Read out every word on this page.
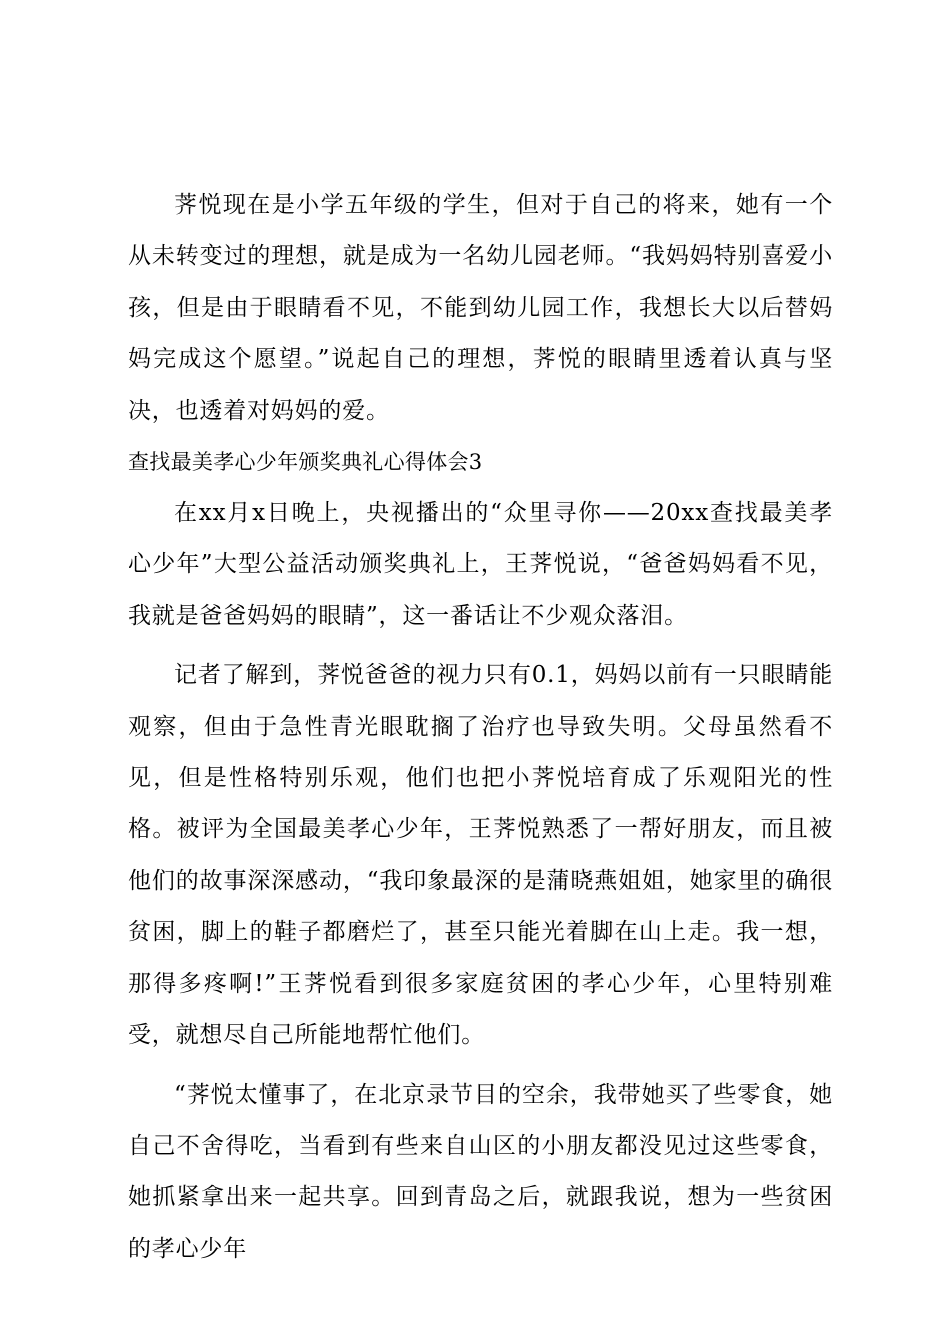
荠悦现在是小学五年级的学生，但对于自己的将来，她有一个从未转变过的理想，就是成为一名幼儿园老师。“我妈妈特别喜爱小孩，但是由于眼睛看不见，不能到幼儿园工作，我想长大以后替妈妈完成这个愿望。”说起自己的理想，荠悦的眼睛里透着认真与坚决，也透着对妈妈的爱。

查找最美孝心少年颁奖典礼心得体会3

在xx月x日晚上，央视播出的“众里寻你——20xx查找最美孝心少年”大型公益活动颁奖典礼上，王荠悦说，“爸爸妈妈看不见，我就是爸爸妈妈的眼睛”，这一番话让不少观众落泪。

记者了解到，荠悦爸爸的视力只有0.1，妈妈以前有一只眼睛能观察，但由于急性青光眼耽搁了治疗也导致失明。父母虽然看不见，但是性格特别乐观，他们也把小荠悦培育成了乐观阳光的性格。被评为全国最美孝心少年，王荠悦熟悉了一帮好朋友，而且被他们的故事深深感动，“我印象最深的是蒲晓燕姐姐，她家里的确很贫困，脚上的鞋子都磨烂了，甚至只能光着脚在山上走。我一想，那得多疼啊!”王荠悦看到很多家庭贫困的孝心少年，心里特别难受，就想尽自己所能地帮忙他们。

“荠悦太懂事了，在北京录节目的空余，我带她买了些零食，她自己不舍得吃，当看到有些来自山区的小朋友都没见过这些零食，她抓紧拿出来一起共享。回到青岛之后，就跟我说，想为一些贫困的孝心少年
